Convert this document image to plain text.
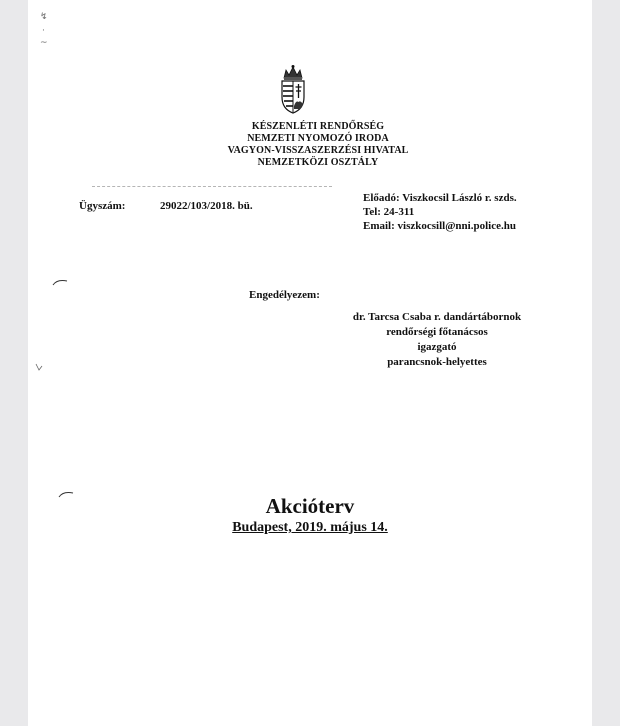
↯
·
~
KÉSZENLÉTI RENDŐRSÉG
NEMZETI NYOMOZÓ IRODA
VAGYON-VISSZASZERZÉSI HIVATAL
NEMZETKÖZI OSZTÁLY
Ügyszám:	29022/103/2018. bü.
Előadó: Viszkocsil László r. szds.
Tel: 24-311
Email: viszkocsill@nni.police.hu
Engedélyezem:
dr. Tarcsa Csaba r. dandártábornok
rendőrségi főtanácsos
igazgató
parancsnok-helyettes
Akcióterv
Budapest, 2019. május 14.
